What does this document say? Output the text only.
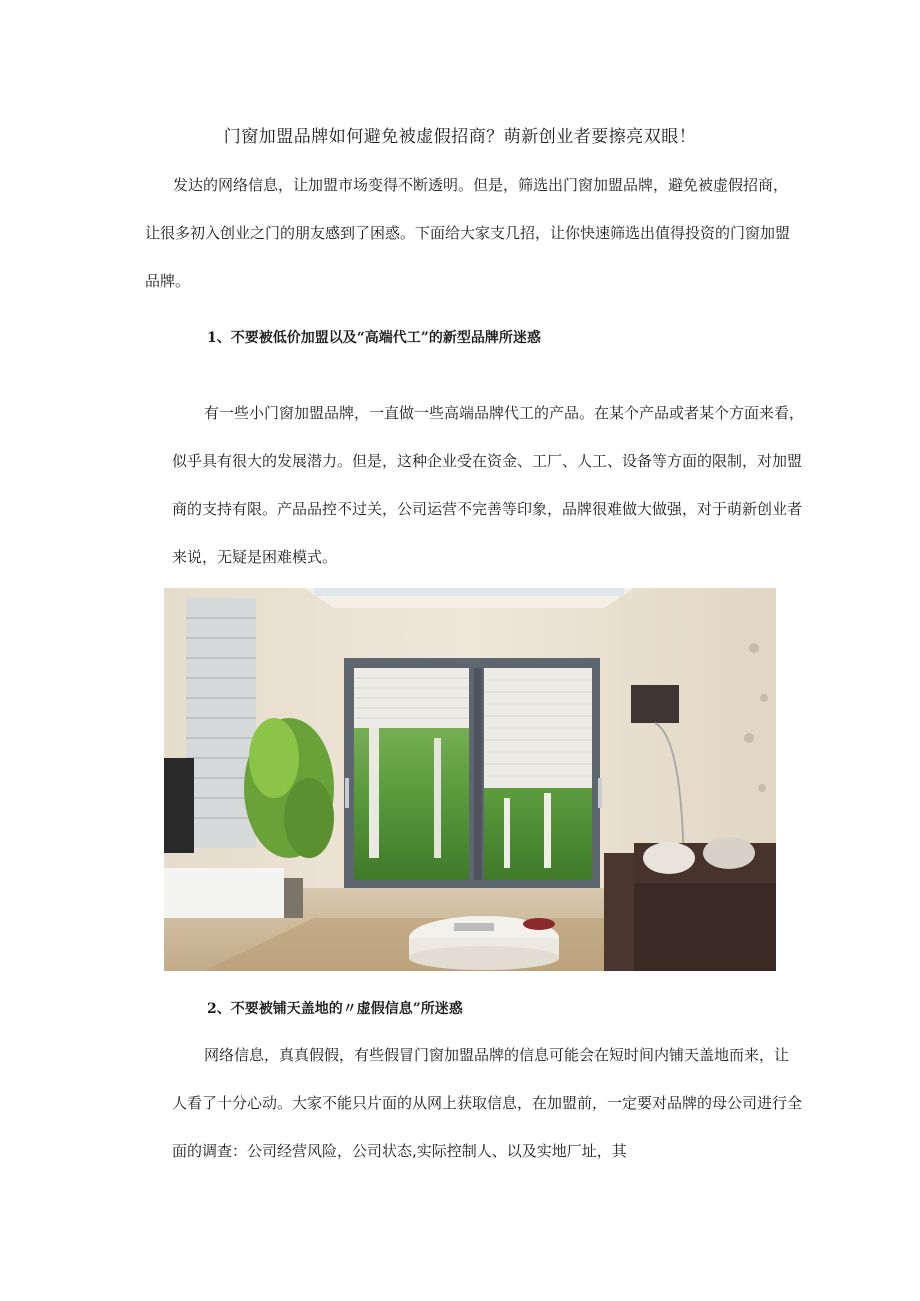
门窗加盟品牌如何避免被虚假招商？萌新创业者要擦亮双眼！

发达的网络信息，让加盟市场变得不断透明。但是，筛选出门窗加盟品牌，避免被虚假招商，让很多初入创业之门的朋友感到了困惑。下面给大家支几招，让你快速筛选出值得投资的门窗加盟品牌。

1、不要被低价加盟以及“高端代工”的新型品牌所迷惑

有一些小门窗加盟品牌，一直做一些高端品牌代工的产品。在某个产品或者某个方面来看，似乎具有很大的发展潜力。但是，这种企业受在资金、工厂、人工、设备等方面的限制，对加盟商的支持有限。产品品控不过关，公司运营不完善等印象，品牌很难做大做强，对于萌新创业者来说，无疑是困难模式。

2、不要被铺天盖地的〃虚假信息”所迷惑

网络信息，真真假假，有些假冒门窗加盟品牌的信息可能会在短时间内铺天盖地而来，让人看了十分心动。大家不能只片面的从网上获取信息，在加盟前，一定要对品牌的母公司进行全面的调查：公司经营风险，公司状态,实际控制人、以及实地厂址，其
